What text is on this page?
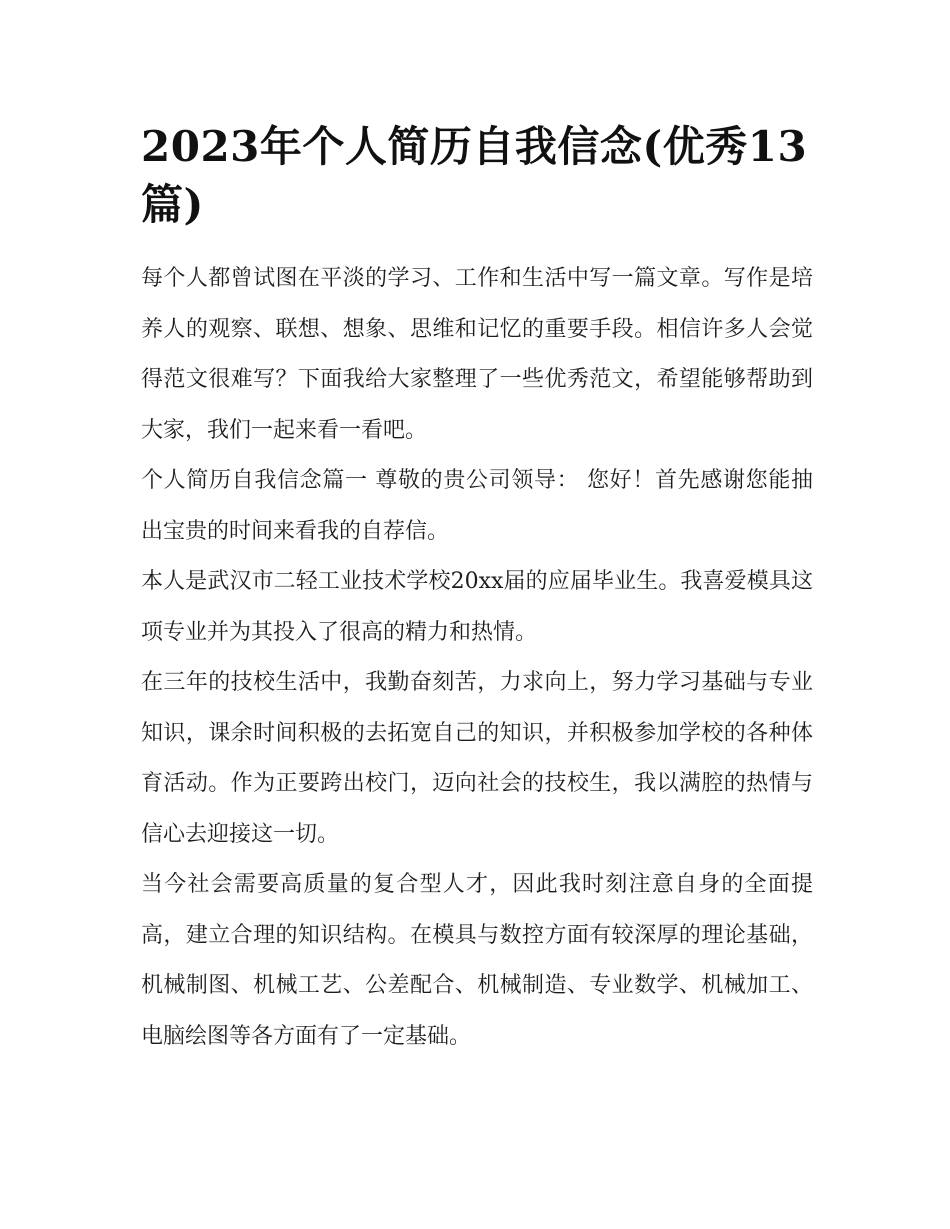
2023年个人简历自我信念(优秀13篇)

每个人都曾试图在平淡的学习、工作和生活中写一篇文章。写作是培养人的观察、联想、想象、思维和记忆的重要手段。相信许多人会觉得范文很难写？下面我给大家整理了一些优秀范文，希望能够帮助到大家，我们一起来看一看吧。

个人简历自我信念篇一 尊敬的贵公司领导： 您好！首先感谢您能抽出宝贵的时间来看我的自荐信。

本人是武汉市二轻工业技术学校20xx届的应届毕业生。我喜爱模具这项专业并为其投入了很高的精力和热情。

在三年的技校生活中，我勤奋刻苦，力求向上，努力学习基础与专业知识，课余时间积极的去拓宽自己的知识，并积极参加学校的各种体育活动。作为正要跨出校门，迈向社会的技校生，我以满腔的热情与信心去迎接这一切。

当今社会需要高质量的复合型人才，因此我时刻注意自身的全面提高，建立合理的知识结构。在模具与数控方面有较深厚的理论基础，机械制图、机械工艺、公差配合、机械制造、专业数学、机械加工、电脑绘图等各方面有了一定基础。
